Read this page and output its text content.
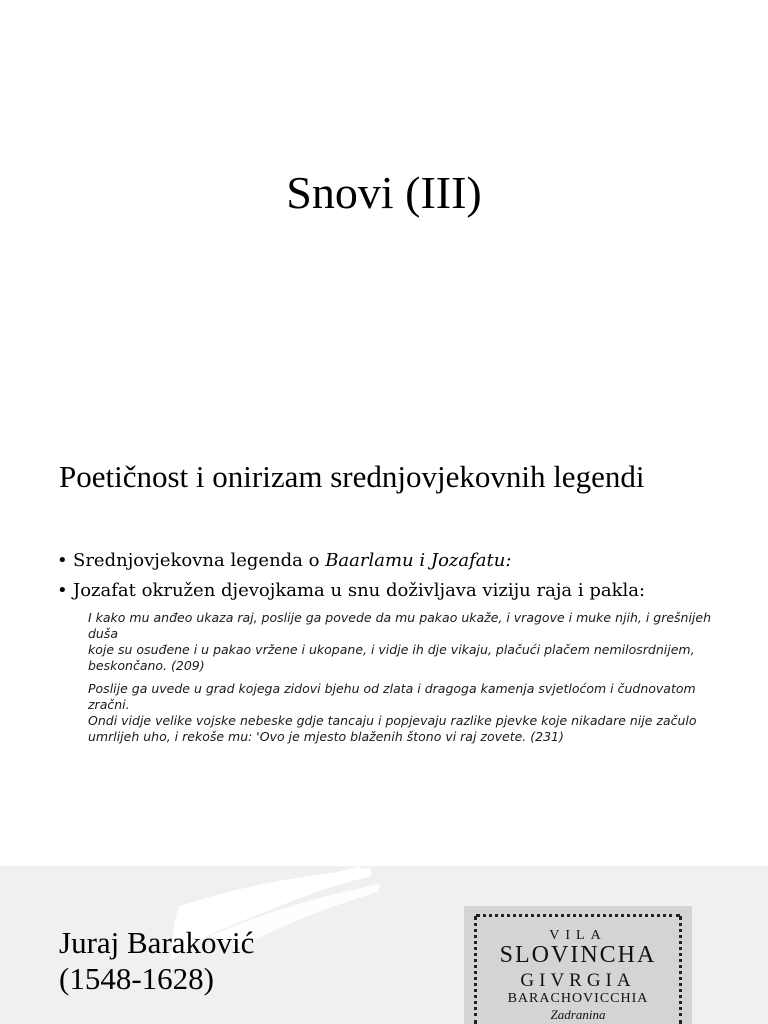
Snovi (III)
Poetičnost i onirizam srednjovjekovnih legendi
• Srednjovjekovna legenda o Baarlamu i Jozafatu:
• Jozafat okružen djevojkama u snu doživljava viziju raja i pakla:
I kako mu anđeo ukaza raj, poslije ga povede da mu pakao ukaže, i vragove i muke njih, i grešnijeh duša
koje su osuđene i u pakao vržene i ukopane, i vidje ih dje vikaju, plačući plačem nemilosrdnijem,
beskončano. (209)
Poslije ga uvede u grad kojega zidovi bjehu od zlata i dragoga kamenja svjetloćom i čudnovatom zračni.
Ondi vidje velike vojske nebeske gdje tancaju i popjevaju razlike pjevke koje nikadare nije začulo
umrlijeh uho, i rekoše mu: 'Ovo je mjesto blaženih štono vi raj zovete. (231)
Juraj Baraković
(1548-1628)
VILA
SLOVINCHA
GIVRGIA
BARACHOVICCHIA
Zadranina
